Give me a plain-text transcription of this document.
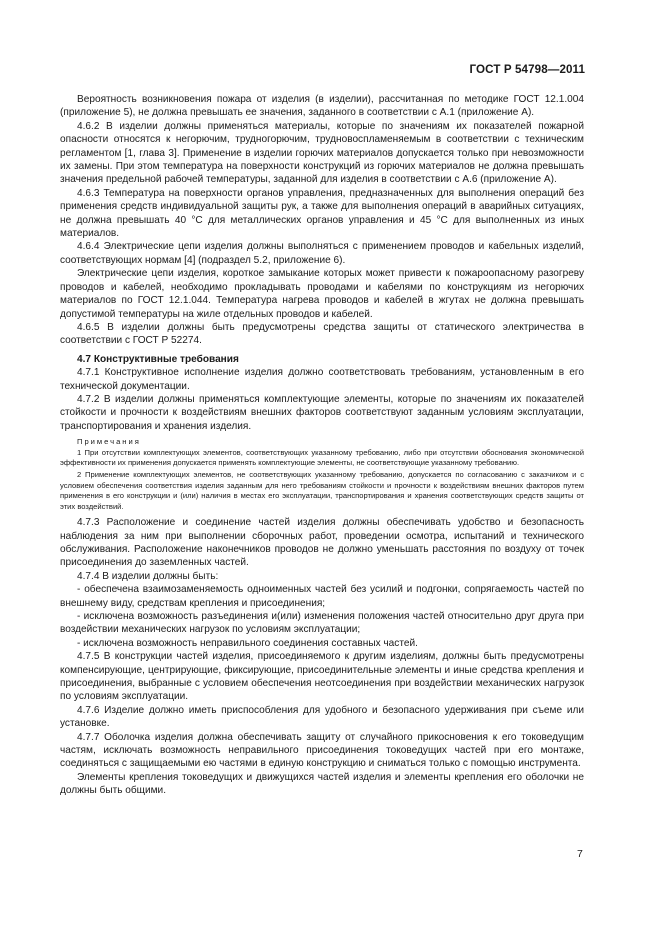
ГОСТ Р 54798—2011

Вероятность возникновения пожара от изделия (в изделии), рассчитанная по методике ГОСТ 12.1.004 (приложение 5), не должна превышать ее значения, заданного в соответствии с А.1 (приложение А).

4.6.2 В изделии должны применяться материалы, которые по значениям их показателей пожарной опасности относятся к негорючим, трудногорючим, трудновоспламеняемым в соответствии с техническим регламентом [1, глава 3]. Применение в изделии горючих материалов допускается только при невозможности их замены. При этом температура на поверхности конструкций из горючих материалов не должна превышать значения предельной рабочей температуры, заданной для изделия в соответствии с А.6 (приложение А).

4.6.3 Температура на поверхности органов управления, предназначенных для выполнения операций без применения средств индивидуальной защиты рук, а также для выполнения операций в аварийных ситуациях, не должна превышать 40 °С для металлических органов управления и 45 °С для выполненных из иных материалов.

4.6.4 Электрические цепи изделия должны выполняться с применением проводов и кабельных изделий, соответствующих нормам [4] (подраздел 5.2, приложение 6).

Электрические цепи изделия, короткое замыкание которых может привести к пожароопасному разогреву проводов и кабелей, необходимо прокладывать проводами и кабелями по конструкциям из негорючих материалов по ГОСТ 12.1.044. Температура нагрева проводов и кабелей в жгутах не должна превышать допустимой температуры на жиле отдельных проводов и кабелей.

4.6.5 В изделии должны быть предусмотрены средства защиты от статического электричества в соответствии с ГОСТ Р 52274.

4.7 Конструктивные требования

4.7.1 Конструктивное исполнение изделия должно соответствовать требованиям, установленным в его технической документации.

4.7.2 В изделии должны применяться комплектующие элементы, которые по значениям их показателей стойкости и прочности к воздействиям внешних факторов соответствуют заданным условиям эксплуатации, транспортирования и хранения изделия.

Примечания

1 При отсутствии комплектующих элементов, соответствующих указанному требованию, либо при отсутствии обоснования экономической эффективности их применения допускается применять комплектующие элементы, не соответствующие указанному требованию.

2 Применение комплектующих элементов, не соответствующих указанному требованию, допускается по согласованию с заказчиком и с условием обеспечения соответствия изделия заданным для него требованиям стойкости и прочности к воздействиям внешних факторов путем применения в его конструкции и (или) наличия в местах его эксплуатации, транспортирования и хранения соответствующих средств защиты от этих воздействий.

4.7.3 Расположение и соединение частей изделия должны обеспечивать удобство и безопасность наблюдения за ним при выполнении сборочных работ, проведении осмотра, испытаний и технического обслуживания. Расположение наконечников проводов не должно уменьшать расстояния по воздуху от точек присоединения до заземленных частей.

4.7.4 В изделии должны быть:

- обеспечена взаимозаменяемость одноименных частей без усилий и подгонки, сопрягаемость частей по внешнему виду, средствам крепления и присоединения;

- исключена возможность разъединения и(или) изменения положения частей относительно друг друга при воздействии механических нагрузок по условиям эксплуатации;

- исключена возможность неправильного соединения составных частей.

4.7.5 В конструкции частей изделия, присоединяемого к другим изделиям, должны быть предусмотрены компенсирующие, центрирующие, фиксирующие, присоединительные элементы и иные средства крепления и присоединения, выбранные с условием обеспечения неотсоединения при воздействии механических нагрузок по условиям эксплуатации.

4.7.6 Изделие должно иметь приспособления для удобного и безопасного удерживания при съеме или установке.

4.7.7 Оболочка изделия должна обеспечивать защиту от случайного прикосновения к его токоведущим частям, исключать возможность неправильного присоединения токоведущих частей при его монтаже, соединяться с защищаемыми ею частями в единую конструкцию и сниматься только с помощью инструмента.

Элементы крепления токоведущих и движущихся частей изделия и элементы крепления его оболочки не должны быть общими.

7
